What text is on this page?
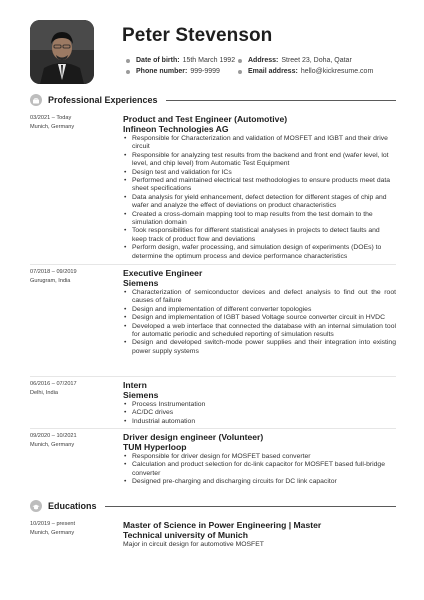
Peter Stevenson
Date of birth: 15th March 1992 Address: Street 23, Doha, Qatar
Phone number: 999-9999	Email address: hello@kickresume.com
Professional Experiences
03/2021 – Today
Munich, Germany
Product and Test Engineer (Automotive)
Infineon Technologies AG
• Responsible for Characterization and validation of MOSFET and IGBT and their drive circuit
• Responsible for analyzing test results from the backend and front end (wafer level, lot level, and chip level) from Automatic Test Equipment
• Design test and validation for ICs
• Performed and maintained electrical test methodologies to ensure products meet data sheet specifications
• Data analysis for yield enhancement, defect detection for different stages of chip and wafer and analyze the effect of deviations on product characteristics
• Created a cross-domain mapping tool to map results from the test domain to the simulation domain
• Took responsibilities for different statistical analyses in projects to detect faults and keep track of product flow and deviations
• Perform design, wafer processing, and simulation design of experiments (DOEs) to determine the optimum process and device performance characteristics
07/2018 – 09/2019
Gurugram, India
Executive Engineer
Siemens
• Characterization of semiconductor devices and defect analysis to find out the root causes of failure
• Design and implementation of different converter topologies
• Design and implementation of IGBT based Voltage source converter circuit in HVDC
• Developed a web interface that connected the database with an internal simulation tool for automatic periodic and scheduled reporting of simulation results
• Design and developed switch-mode power supplies and their integration into existing power supply systems
06/2016 – 07/2017
Delhi, India
Intern
Siemens
• Process Instrumentation
• AC/DC drives
• Industrial automation
09/2020 – 10/2021
Munich, Germany
Driver design engineer (Volunteer)
TUM Hyperloop
• Responsible for driver design for MOSFET based converter
• Calculation and product selection for dc-link capacitor for MOSFET based full-bridge converter
• Designed pre-charging and discharging circuits for DC link capacitor
Educations
10/2019 – present
Munich, Germany
Master of Science in Power Engineering | Master
Technical university of Munich
Major in circuit design for automotive MOSFET
